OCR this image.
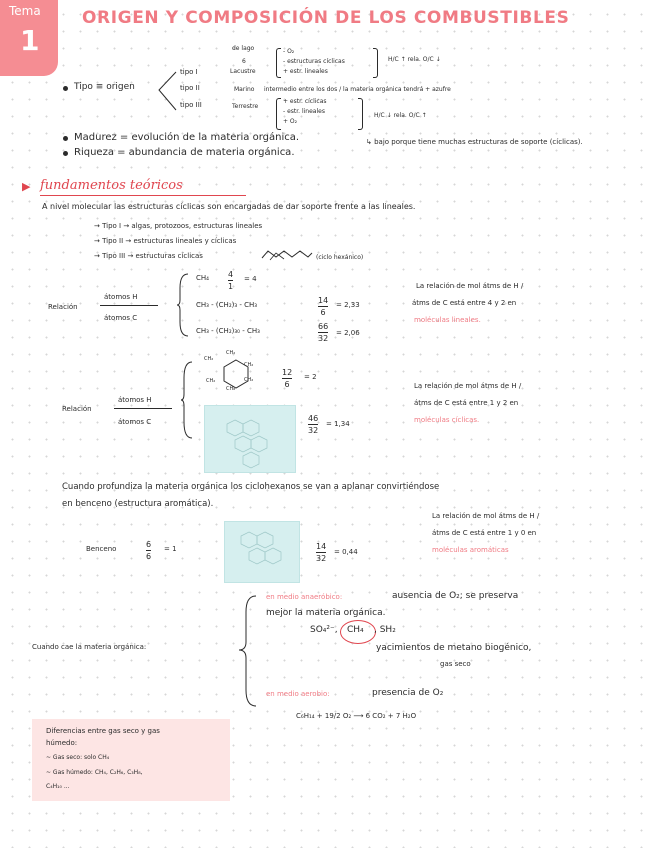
Tema
1
ORIGEN Y COMPOSICIÓN DE LOS COMBUSTIBLES
de lago
6
tipo I	Lacustre
- O₂
- estructuras cíclicas
+ estr. lineales
H/C ↑ rela. O/C ↓
Tipo ≡ origen	tipo II	Marino intermedio entre los dos / la materia orgánica tendrá + azufre
tipo III	Terrestre
+ estr. cíclicas
- estr. lineales
+ O₂
H/C ↓ rela. O/C ↑
Madurez = evolución de la materia orgánica.	↳ bajo porque tiene muchas estructuras de soporte (cíclicas).
Riqueza = abundancia de materia orgánica.
▶ fundamentos teóricos
A nivel molecular las estructuras cíclicas son encargadas de dar soporte frente a las lineales.
→ Tipo I → algas, protozoos, estructuras lineales
→ Tipo II → estructuras lineales y cíclicas
→ Tipo III → estructuras cíclicas	(ciclo hexánico)
Relación
átomos H
átomos C
CH₄ 4
1
= 4
CH₃ - (CH₂)₃ - CH₃	14
6
= 2,33
CH₃ - (CH₂)₃₀ - CH₃	66
32
= 2,06
La relación de mol átms de H /
átms de C está entre 4 y 2 en
moléculas lineales.
CH₂
CH₂
CH₂
CH₂
CH₂
CH₂
12
6
= 2
Relación
átomos H
átomos C	46
32
= 1,34
La relación de mol átms de H /
átms de C está entre 1 y 2 en
moléculas cíclicas.
Cuando profundiza la materia orgánica los ciclohexanos se van a aplanar convirtiéndose
en benceno (estructura aromática).
Benceno	6
6
= 1	14
32
= 0,44
La relación de mol átms de H /
átms de C está entre 1 y 0 en
moléculas aromáticas
Cuando cae la materia orgánica:
en medio anaeróbico:	ausencia de O₂; se preserva
mejor la materia orgánica.
SO₄²⁻, CH₄ , SH₂
yacimientos de metano biogénico,
gas seco
en medio aerobio:	presencia de O₂
C₆H₁₄ + 19/2 O₂ ⟶ 6 CO₂ + 7 H₂O
Diferencias entre gas seco y gas
húmedo:
~ Gas seco: solo CH₄
~ Gas húmedo: CH₄, C₂H₆, C₃H₈,
C₄H₁₀ ...
